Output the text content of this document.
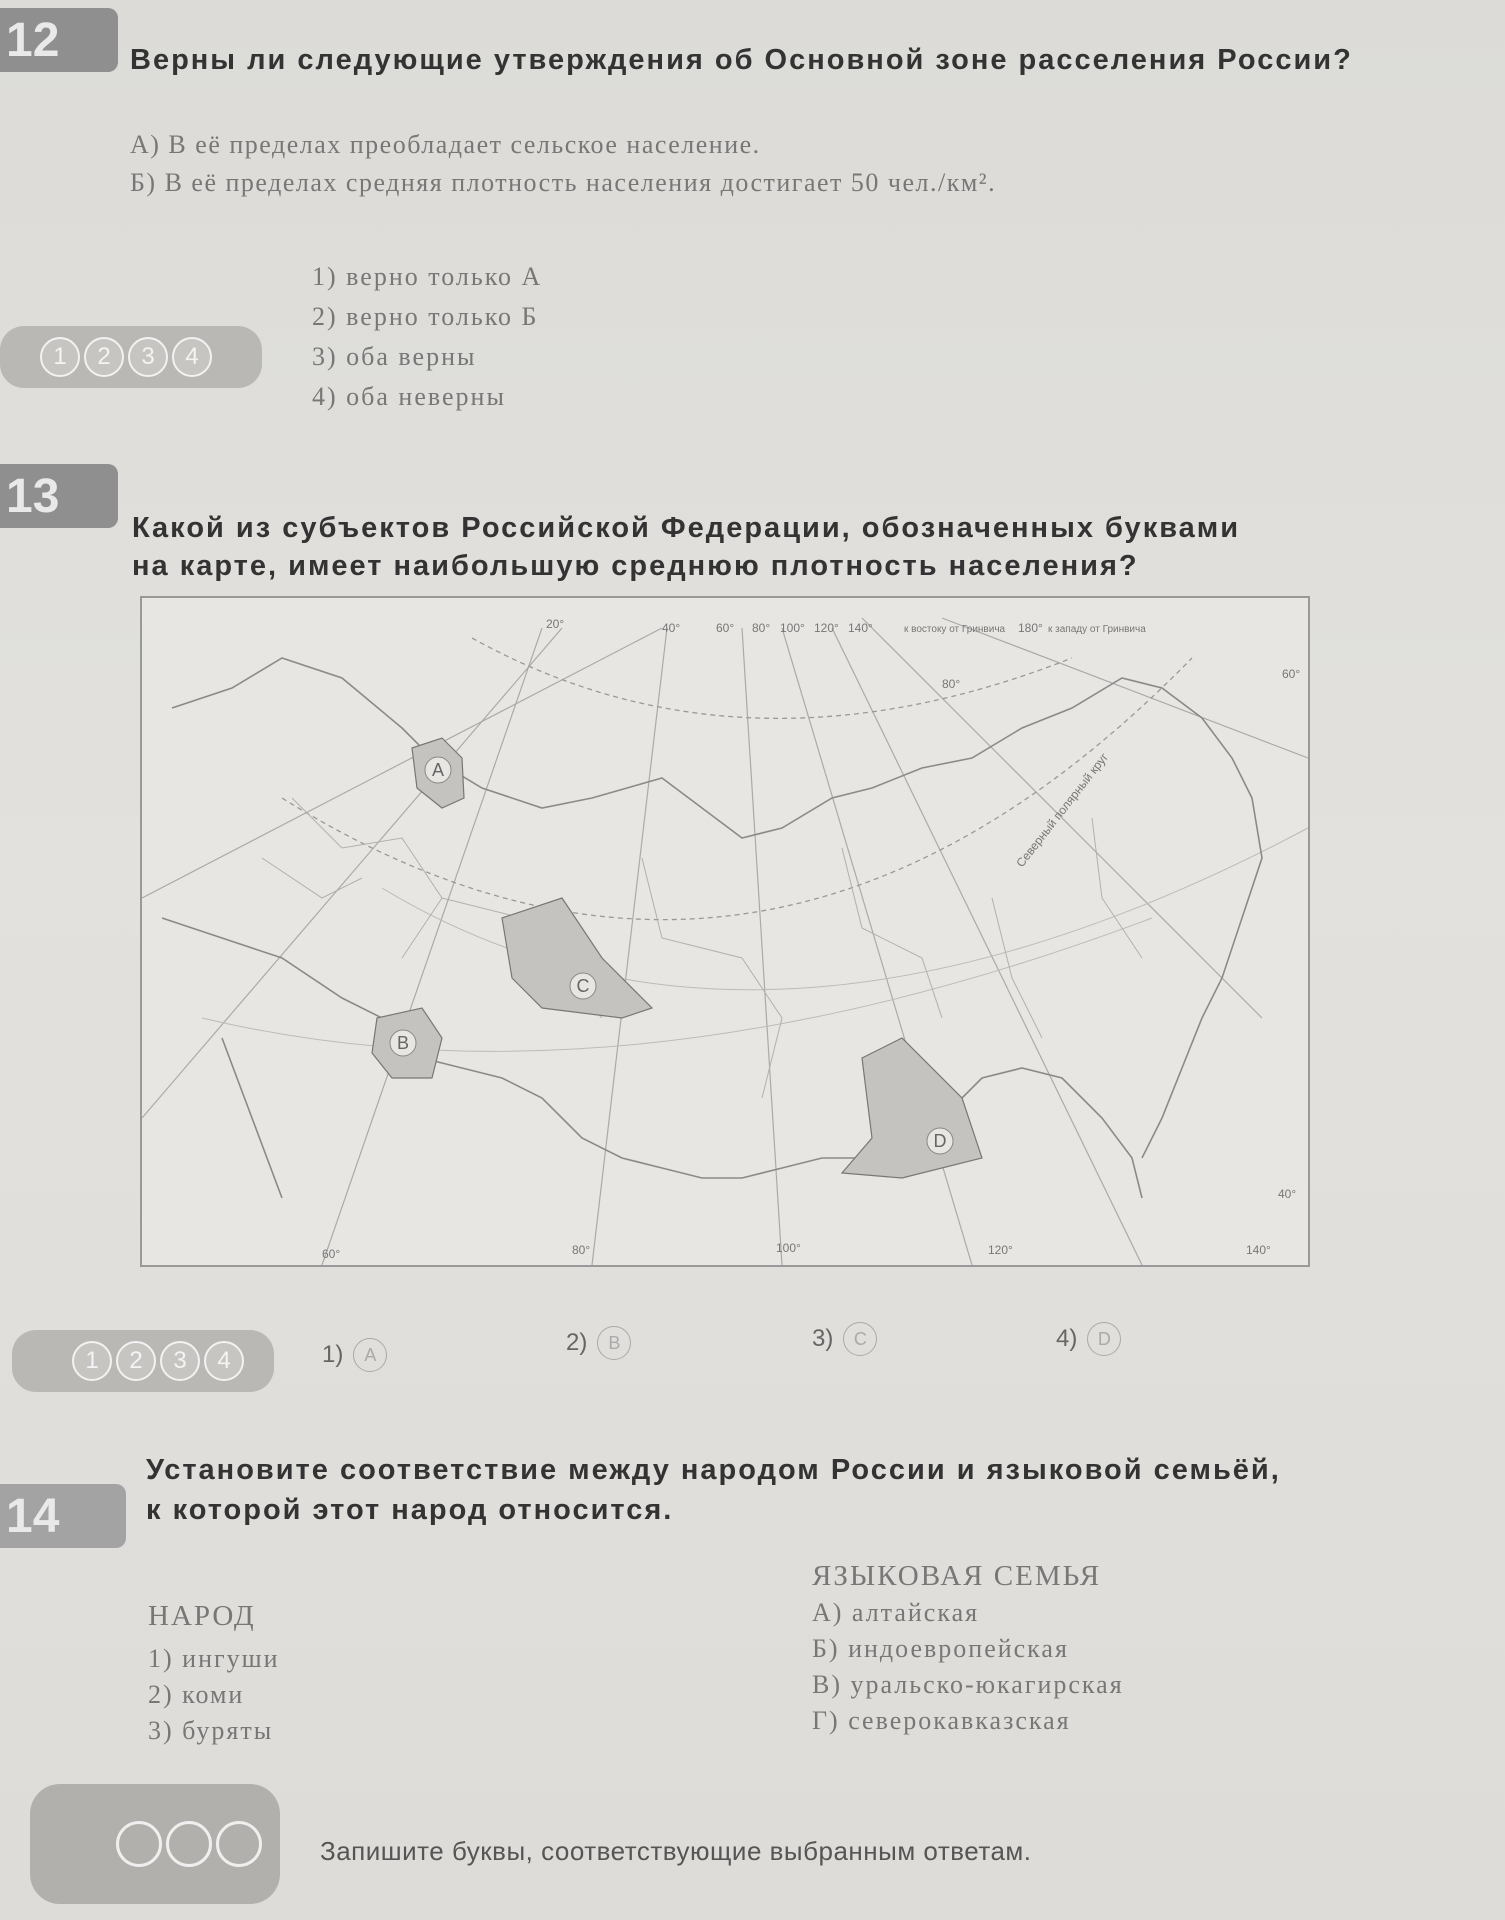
12	Верны ли следующие утверждения об Основной зоне расселения России?
А) В её пределах преобладает сельское население.
Б) В её пределах средняя плотность населения достигает 50 чел./км².
1) верно только А
2) верно только Б
3) оба верны
4) оба неверны
1	2	3	4
13
Какой из субъектов Российской Федерации, обозначенных буквами
на карте, имеет наибольшую среднюю плотность населения?
A
B
C
D
20°	40°	60° 80° 100° 120° 140°	к востоку от Гринвича 180° к западу от Гринвича
60°	80°	100°	120°	140°
80°
60°
40°
Северный полярный круг
1	2	3	4	1)	A	2)	B	3)	C	4)	D
14
Установите соответствие между народом России и языковой семьёй,
к которой этот народ относится.
НАРОД
1) ингуши
2) коми
3) буряты
ЯЗЫКОВАЯ СЕМЬЯ
А) алтайская
Б) индоевропейская
В) уральско-юкагирская
Г) северокавказская
Запишите буквы, соответствующие выбранным ответам.
